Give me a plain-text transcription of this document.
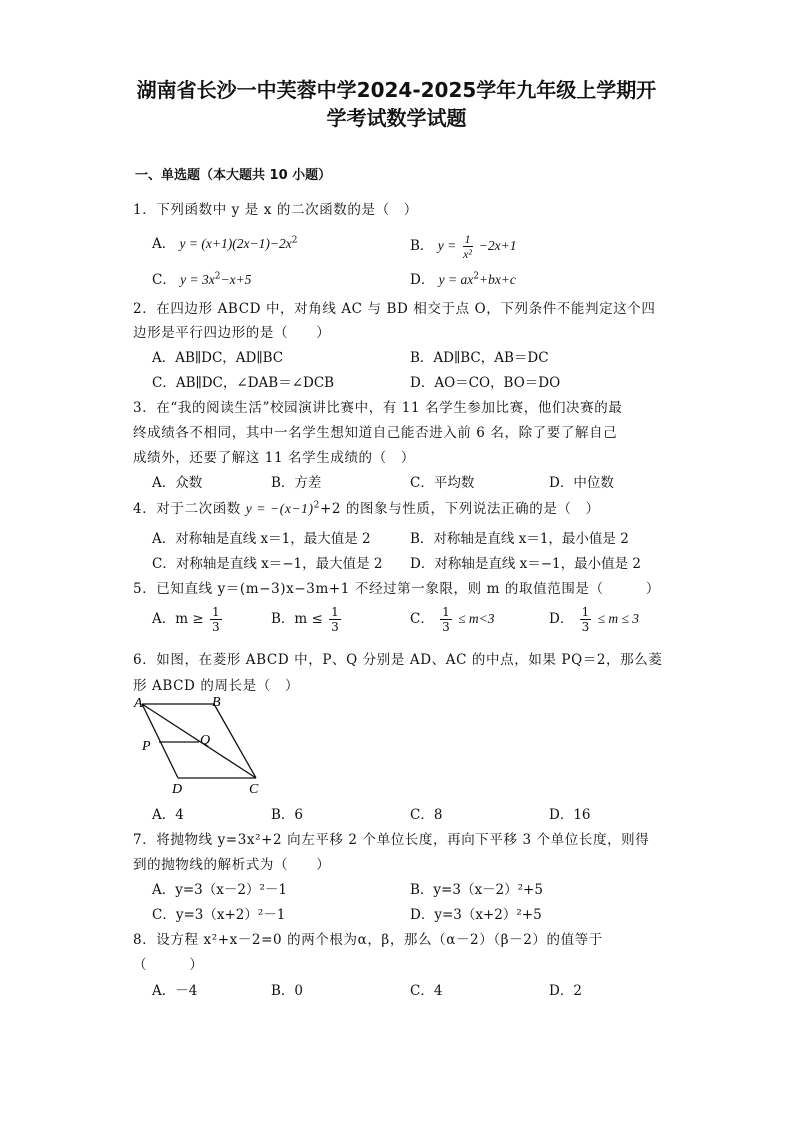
湖南省长沙一中芙蓉中学2024-2025学年九年级上学期开
学考试数学试题
一、单选题（本大题共 10 小题）
1．下列函数中 y 是 x 的二次函数的是（　）
A． $y = (x+1)(2x-1)-2x^2$	B． $y = \frac{1}{\text{x²}} -2x+1$
C． $y = 3x^2-x+5$	D． $y = ax^2+bx+c$
2．在四边形 ABCD 中，对角线 AC 与 BD 相交于点 O，下列条件不能判定这个四
边形是平行四边形的是（　　）
A．AB∥DC，AD∥BC	B．AD∥BC，AB＝DC
C．AB∥DC，∠DAB＝∠DCB	D．AO＝CO，BO＝DO
3．在“我的阅读生活”校园演讲比赛中，有 11 名学生参加比赛，他们决赛的最
终成绩各不相同，其中一名学生想知道自己能否进入前 6 名，除了要了解自己
成绩外，还要了解这 11 名学生成绩的（　）
A．众数	B．方差	C．平均数	D．中位数
4．对于二次函数 $y = -(x-1)^2+2$ 的图象与性质，下列说法正确的是（　）
A．对称轴是直线 x＝1，最大值是 2	B．对称轴是直线 x＝1，最小值是 2
C．对称轴是直线 x＝−1，最大值是 2 D．对称轴是直线 x＝−1，最小值是 2
5．已知直线 y＝(m−3)x−3m+1 不经过第一象限，则 m 的取值范围是（　　　）
A．$m \ge \frac{1}{3}$	B．$m \le \frac{1}{3}$	C． $\frac{1}{3} \le m<3$	D． $\frac{1}{3} \le m \le 3$
6．如图，在菱形 ABCD 中，P、Q 分别是 AD、AC 的中点，如果 PQ＝2，那么菱
形 ABCD 的周长是（　）
A	B
P	Q
D	C
A．4	B．6	C．8	D．16
7．将抛物线 y=3x²+2 向左平移 2 个单位长度，再向下平移 3 个单位长度，则得
到的抛物线的解析式为（　　）
A．y=3（x－2）²－1	B．y=3（x－2）²+5
C．y=3（x+2）²－1	D．y=3（x+2）²+5
8．设方程 x²+x－2=0 的两个根为α，β，那么（α－2）（β－2）的值等于
（　　　）
A．－4	B．0	C．4	D．2
